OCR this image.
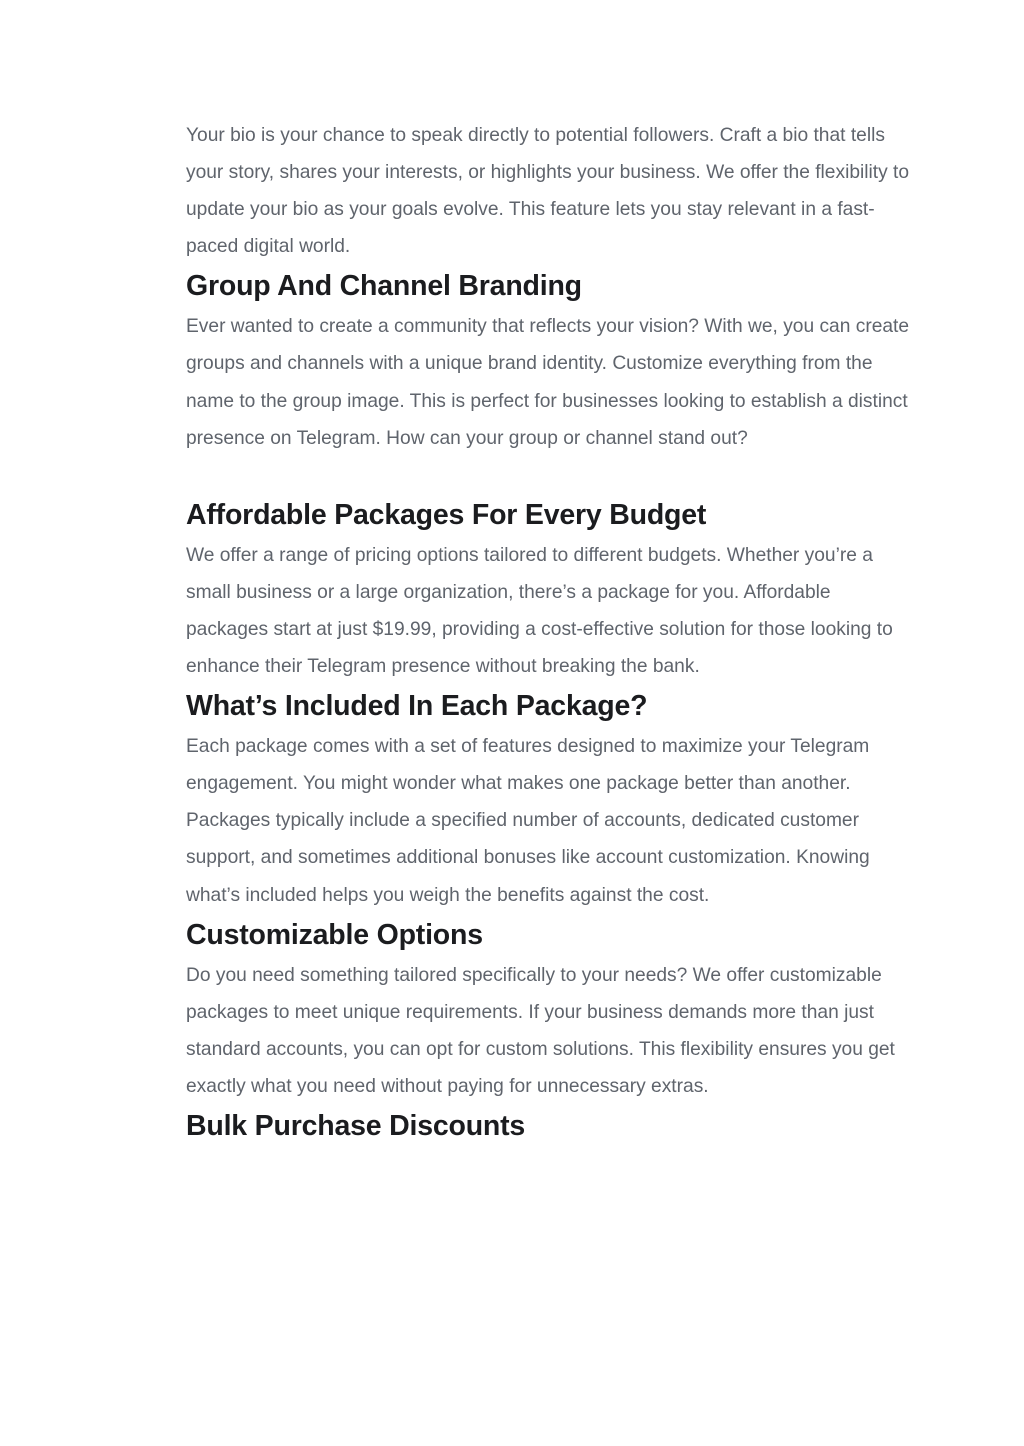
Your bio is your chance to speak directly to potential followers. Craft a bio that tells your story, shares your interests, or highlights your business. We offer the flexibility to update your bio as your goals evolve. This feature lets you stay relevant in a fast-paced digital world.

Group And Channel Branding

Ever wanted to create a community that reflects your vision? With we, you can create groups and channels with a unique brand identity. Customize everything from the name to the group image. This is perfect for businesses looking to establish a distinct presence on Telegram. How can your group or channel stand out?

Affordable Packages For Every Budget

We offer a range of pricing options tailored to different budgets. Whether you’re a small business or a large organization, there’s a package for you. Affordable packages start at just $19.99, providing a cost-effective solution for those looking to enhance their Telegram presence without breaking the bank.

What’s Included In Each Package?

Each package comes with a set of features designed to maximize your Telegram engagement. You might wonder what makes one package better than another. Packages typically include a specified number of accounts, dedicated customer support, and sometimes additional bonuses like account customization. Knowing what’s included helps you weigh the benefits against the cost.

Customizable Options

Do you need something tailored specifically to your needs? We offer customizable packages to meet unique requirements. If your business demands more than just standard accounts, you can opt for custom solutions. This flexibility ensures you get exactly what you need without paying for unnecessary extras.

Bulk Purchase Discounts
